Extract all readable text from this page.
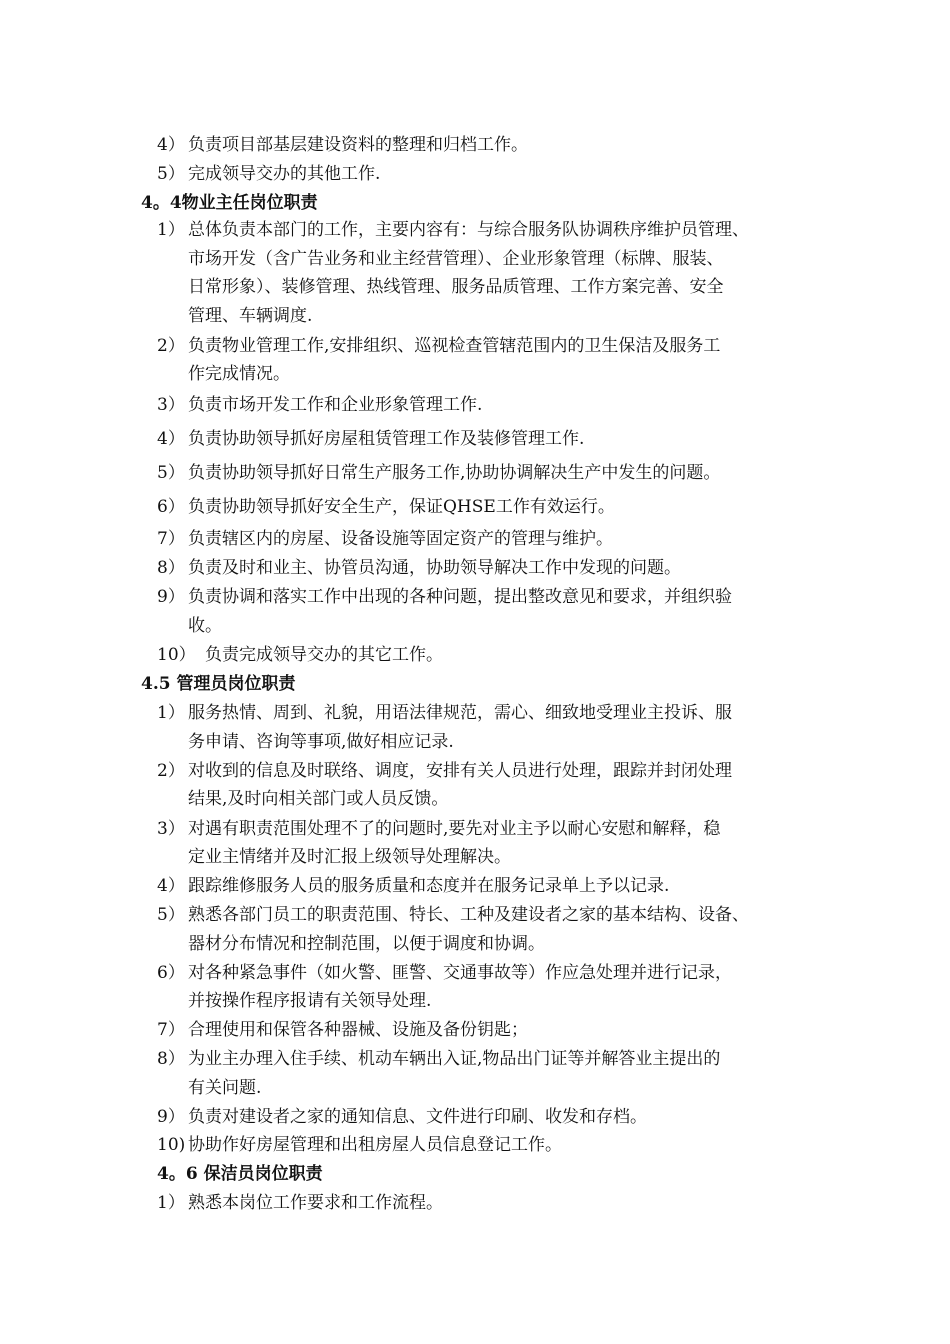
4） 负责项目部基层建设资料的整理和归档工作。
5） 完成领导交办的其他工作.
4。4物业主任岗位职责
1） 总体负责本部门的工作，主要内容有：与综合服务队协调秩序维护员管理、
市场开发（含广告业务和业主经营管理）、企业形象管理（标牌、服装、
日常形象）、装修管理、热线管理、服务品质管理、工作方案完善、安全
管理、车辆调度.
2） 负责物业管理工作,安排组织、巡视检查管辖范围内的卫生保洁及服务工
作完成情况。
3） 负责市场开发工作和企业形象管理工作.
4） 负责协助领导抓好房屋租赁管理工作及装修管理工作.
5） 负责协助领导抓好日常生产服务工作,协助协调解决生产中发生的问题。
6） 负责协助领导抓好安全生产，保证QHSE工作有效运行。
7） 负责辖区内的房屋、设备设施等固定资产的管理与维护。
8） 负责及时和业主、协管员沟通，协助领导解决工作中发现的问题。
9） 负责协调和落实工作中出现的各种问题，提出整改意见和要求，并组织验
收。
10） 负责完成领导交办的其它工作。
4.5 管理员岗位职责
1） 服务热情、周到、礼貌，用语法律规范，需心、细致地受理业主投诉、服
务申请、咨询等事项,做好相应记录.
2） 对收到的信息及时联络、调度，安排有关人员进行处理，跟踪并封闭处理
结果,及时向相关部门或人员反馈。
3） 对遇有职责范围处理不了的问题时,要先对业主予以耐心安慰和解释，稳
定业主情绪并及时汇报上级领导处理解决。
4） 跟踪维修服务人员的服务质量和态度并在服务记录单上予以记录.
5） 熟悉各部门员工的职责范围、特长、工种及建设者之家的基本结构、设备、
器材分布情况和控制范围，以便于调度和协调。
6） 对各种紧急事件（如火警、匪警、交通事故等）作应急处理并进行记录，
并按操作程序报请有关领导处理.
7） 合理使用和保管各种器械、设施及备份钥匙；
8） 为业主办理入住手续、机动车辆出入证,物品出门证等并解答业主提出的
有关问题.
9） 负责对建设者之家的通知信息、文件进行印刷、收发和存档。
10) 协助作好房屋管理和出租房屋人员信息登记工作。
4。6 保洁员岗位职责
1） 熟悉本岗位工作要求和工作流程。
